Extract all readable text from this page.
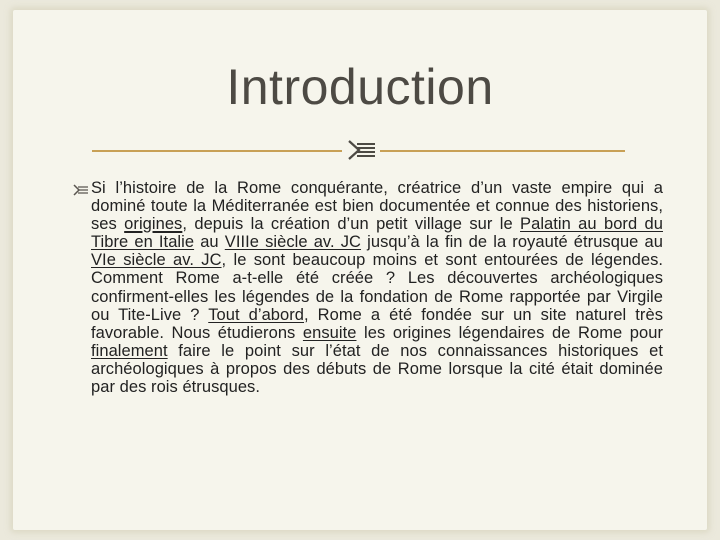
Introduction
Si l’histoire de la Rome conquérante, créatrice d’un vaste empire qui a dominé toute la Méditerranée est bien documentée et connue des historiens, ses origines, depuis la création d’un petit village sur le Palatin au bord du Tibre en Italie au VIIIe siècle av. JC jusqu’à la fin de la royauté étrusque au VIe siècle av. JC, le sont beaucoup moins et sont entourées de légendes. Comment Rome a-t-elle été créée ? Les découvertes archéologiques confirment-elles les légendes de la fondation de Rome rapportée par Virgile ou Tite-Live ? Tout d’abord, Rome a été fondée sur un site naturel très favorable. Nous étudierons ensuite les origines légendaires de Rome pour finalement faire le point sur l’état de nos connaissances historiques et archéologiques à propos des débuts de Rome lorsque la cité était dominée par des rois étrusques.
